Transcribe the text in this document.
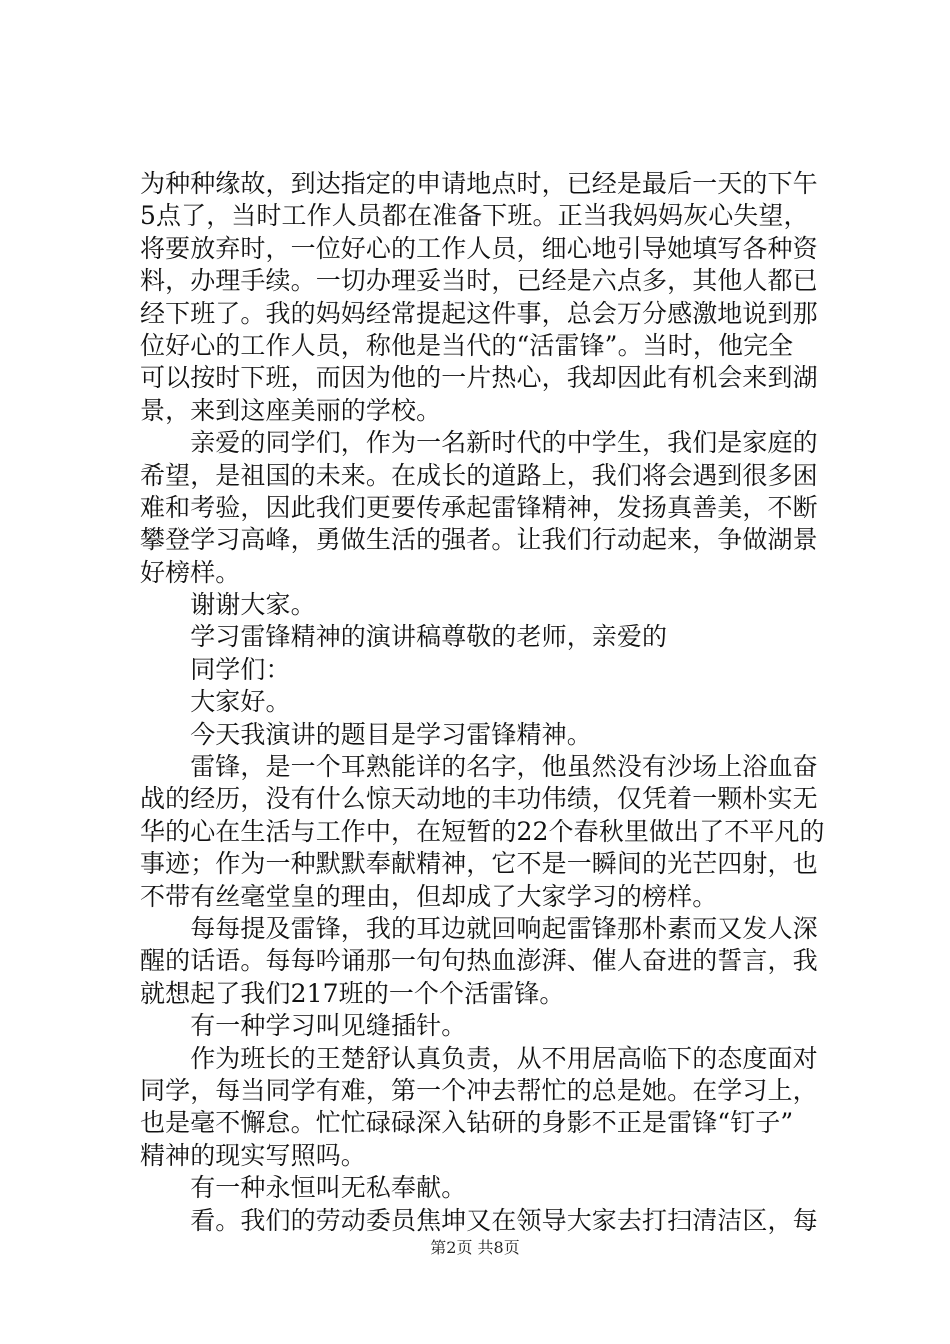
为种种缘故，到达指定的申请地点时，已经是最后一天的下午
5点了，当时工作人员都在准备下班。正当我妈妈灰心失望，
将要放弃时，一位好心的工作人员，细心地引导她填写各种资
料，办理手续。一切办理妥当时，已经是六点多，其他人都已
经下班了。我的妈妈经常提起这件事，总会万分感激地说到那
位好心的工作人员，称他是当代的“活雷锋”。当时，他完全
可以按时下班，而因为他的一片热心，我却因此有机会来到湖
景，来到这座美丽的学校。
　　亲爱的同学们，作为一名新时代的中学生，我们是家庭的
希望，是祖国的未来。在成长的道路上，我们将会遇到很多困
难和考验，因此我们更要传承起雷锋精神，发扬真善美，不断
攀登学习高峰，勇做生活的强者。让我们行动起来，争做湖景
好榜样。
　　谢谢大家。
　　学习雷锋精神的演讲稿尊敬的老师，亲爱的
　　同学们：
　　大家好。
　　今天我演讲的题目是学习雷锋精神。
　　雷锋，是一个耳熟能详的名字，他虽然没有沙场上浴血奋
战的经历，没有什么惊天动地的丰功伟绩，仅凭着一颗朴实无
华的心在生活与工作中，在短暂的22个春秋里做出了不平凡的
事迹；作为一种默默奉献精神，它不是一瞬间的光芒四射，也
不带有丝毫堂皇的理由，但却成了大家学习的榜样。
　　每每提及雷锋，我的耳边就回响起雷锋那朴素而又发人深
醒的话语。每每吟诵那一句句热血澎湃、催人奋进的誓言，我
就想起了我们217班的一个个活雷锋。
　　有一种学习叫见缝插针。
　　作为班长的王楚舒认真负责，从不用居高临下的态度面对
同学，每当同学有难，第一个冲去帮忙的总是她。在学习上，
也是毫不懈怠。忙忙碌碌深入钻研的身影不正是雷锋“钉子”
精神的现实写照吗。
　　有一种永恒叫无私奉献。
　　看。我们的劳动委员焦坤又在领导大家去打扫清洁区，每
第2页 共8页
